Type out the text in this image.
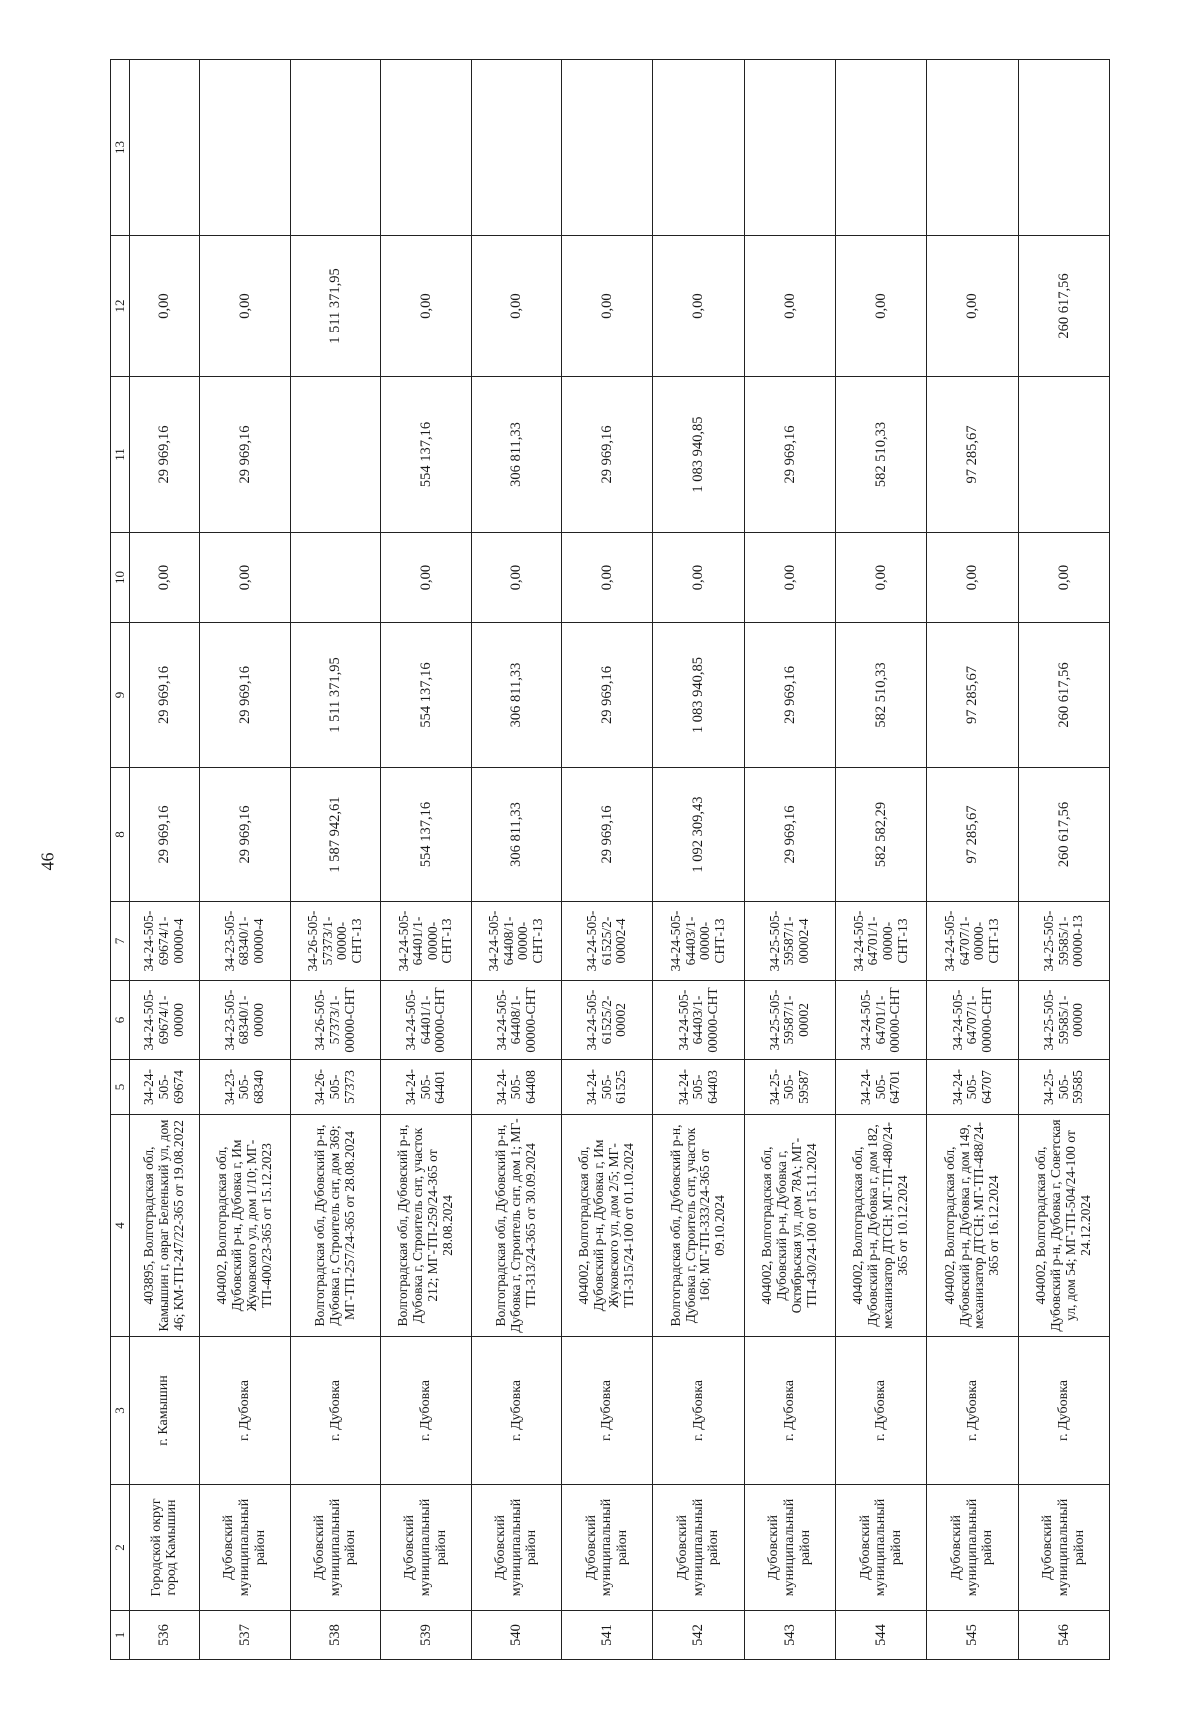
46
1	2	3	4	5	6	7	8	9	10	11	12	13
536	Городской округ город Камышин	г. Камышин	403895, Волгоградская обл, Камышин г, овраг Беленький ул, дом 46; КМ-ТП-247/22-365 от 19.08.2022	34-24-505-69674	34-24-505-69674/1-00000	34-24-505-69674/1-00000-4	29 969,16	29 969,16	0,00	29 969,16	0,00	
537	Дубовский муниципальный район	г. Дубовка	404002, Волгоградская обл, Дубовский р-н, Дубовка г, Им Жуковского ул, дом 1/10; МГ-ТП-400/23-365 от 15.12.2023	34-23-505-68340	34-23-505-68340/1-00000	34-23-505-68340/1-00000-4	29 969,16	29 969,16	0,00	29 969,16	0,00	
538	Дубовский муниципальный район	г. Дубовка	Волгоградская обл, Дубовский р-н, Дубовка г, Строитель снт, дом 369; МГ-ТП-257/24-365 от 28.08.2024	34-26-505-57373	34-26-505-57373/1-00000-СНТ	34-26-505-57373/1-00000-СНТ-13	1 587 942,61	1 511 371,95			1 511 371,95	
539	Дубовский муниципальный район	г. Дубовка	Волгоградская обл, Дубовский р-н, Дубовка г, Строитель снт, участок 212; МГ-ТП-259/24-365 от 28.08.2024	34-24-505-64401	34-24-505-64401/1-00000-СНТ	34-24-505-64401/1-00000-СНТ-13	554 137,16	554 137,16	0,00	554 137,16	0,00	
540	Дубовский муниципальный район	г. Дубовка	Волгоградская обл, Дубовский р-н, Дубовка г, Строитель снт, дом 1; МГ-ТП-313/24-365 от 30.09.2024	34-24-505-64408	34-24-505-64408/1-00000-СНТ	34-24-505-64408/1-00000-СНТ-13	306 811,33	306 811,33	0,00	306 811,33	0,00	
541	Дубовский муниципальный район	г. Дубовка	404002, Волгоградская обл, Дубовский р-н, Дубовка г, Им Жуковского ул, дом 2/5; МГ-ТП-315/24-100 от 01.10.2024	34-24-505-61525	34-24-505-61525/2-00002	34-24-505-61525/2-00002-4	29 969,16	29 969,16	0,00	29 969,16	0,00	
542	Дубовский муниципальный район	г. Дубовка	Волгоградская обл, Дубовский р-н, Дубовка г, Строитель снт, участок 160; МГ-ТП-333/24-365 от 09.10.2024	34-24-505-64403	34-24-505-64403/1-00000-СНТ	34-24-505-64403/1-00000-СНТ-13	1 092 309,43	1 083 940,85	0,00	1 083 940,85	0,00	
543	Дубовский муниципальный район	г. Дубовка	404002, Волгоградская обл, Дубовский р-н, Дубовка г, Октябрьская ул, дом 78А; МГ-ТП-430/24-100 от 15.11.2024	34-25-505-59587	34-25-505-59587/1-00002	34-25-505-59587/1-00002-4	29 969,16	29 969,16	0,00	29 969,16	0,00	
544	Дубовский муниципальный район	г. Дубовка	404002, Волгоградская обл, Дубовский р-н, Дубовка г, дом 182, механизатор ДТСН; МГ-ТП-480/24-365 от 10.12.2024	34-24-505-64701	34-24-505-64701/1-00000-СНТ	34-24-505-64701/1-00000-СНТ-13	582 582,29	582 510,33	0,00	582 510,33	0,00	
545	Дубовский муниципальный район	г. Дубовка	404002, Волгоградская обл, Дубовский р-н, Дубовка г, дом 149, механизатор ДТСН; МГ-ТП-488/24-365 от 16.12.2024	34-24-505-64707	34-24-505-64707/1-00000-СНТ	34-24-505-64707/1-00000-СНТ-13	97 285,67	97 285,67	0,00	97 285,67	0,00	
546	Дубовский муниципальный район	г. Дубовка	404002, Волгоградская обл, Дубовский р-н, Дубовка г, Советская ул, дом 54; МГ-ТП-504/24-100 от 24.12.2024	34-25-505-59585	34-25-505-59585/1-00000	34-25-505-59585/1-00000-13	260 617,56	260 617,56	0,00		260 617,56	
